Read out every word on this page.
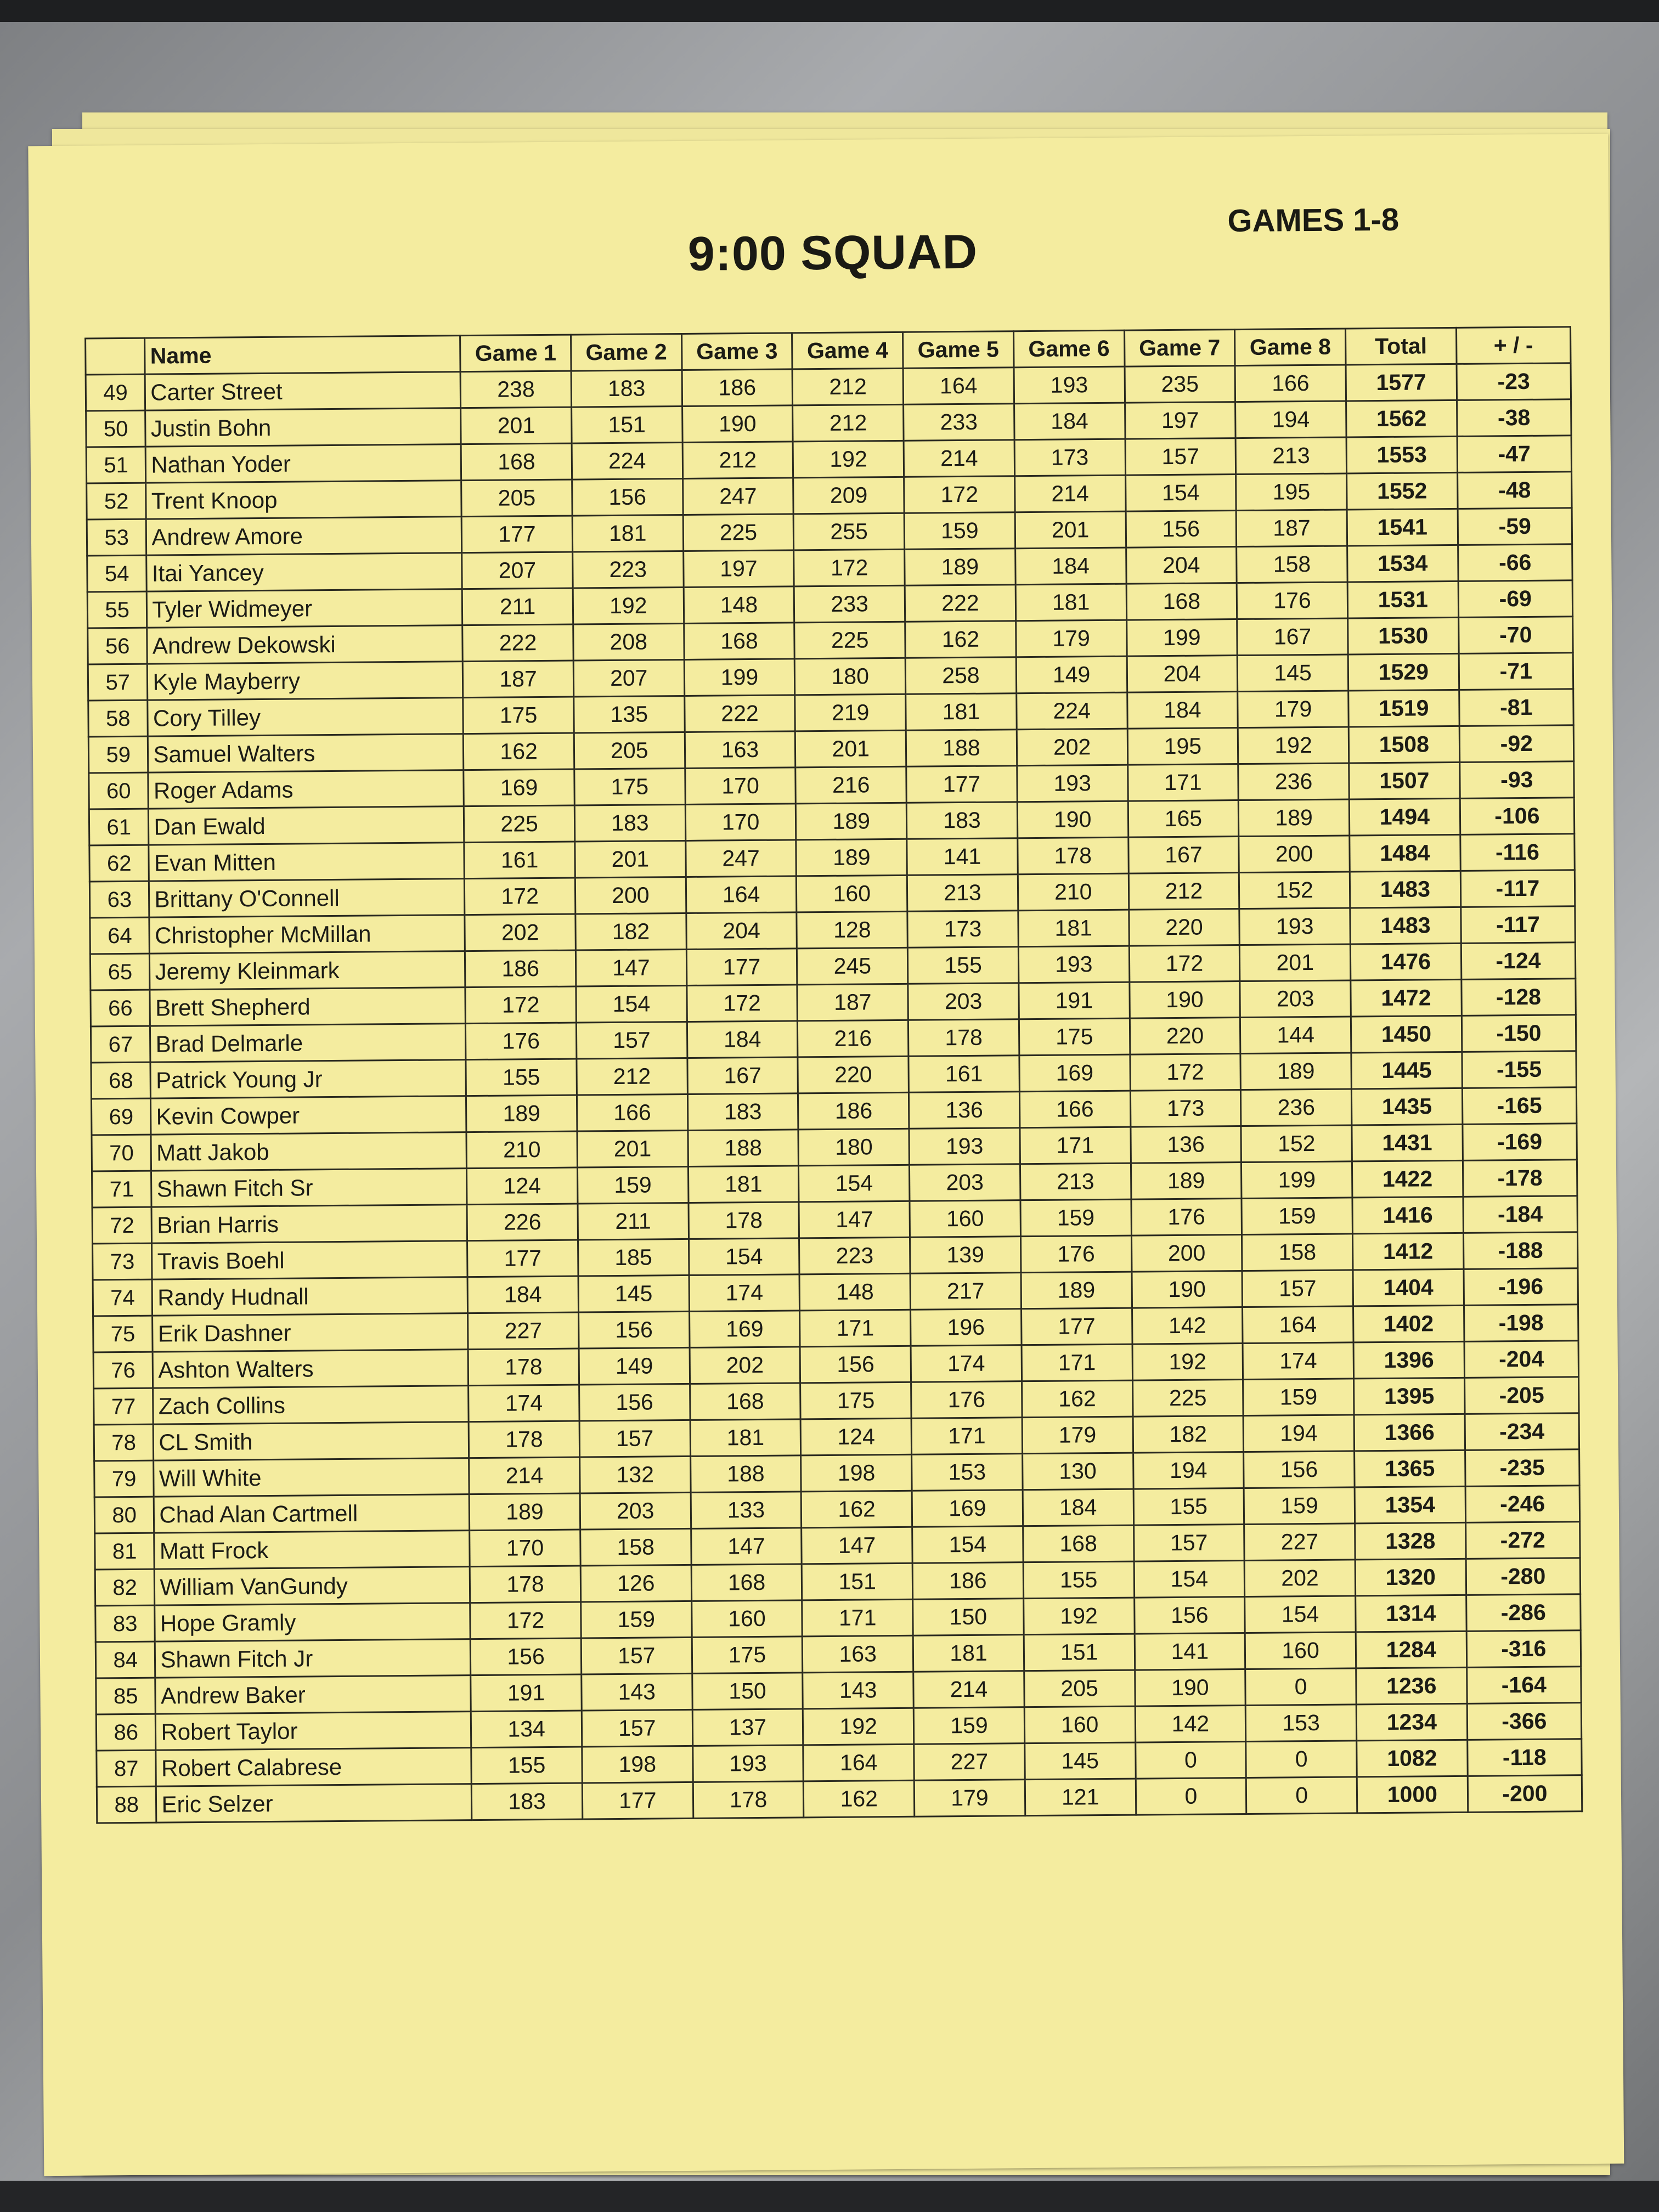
9:00 SQUAD
GAMES 1-8
	Name	Game 1	Game 2	Game 3	Game 4	Game 5	Game 6	Game 7	Game 8	Total	+ / -
49	Carter Street	238	183	186	212	164	193	235	166	1577	-23
50	Justin Bohn	201	151	190	212	233	184	197	194	1562	-38
51	Nathan Yoder	168	224	212	192	214	173	157	213	1553	-47
52	Trent Knoop	205	156	247	209	172	214	154	195	1552	-48
53	Andrew Amore	177	181	225	255	159	201	156	187	1541	-59
54	Itai Yancey	207	223	197	172	189	184	204	158	1534	-66
55	Tyler Widmeyer	211	192	148	233	222	181	168	176	1531	-69
56	Andrew Dekowski	222	208	168	225	162	179	199	167	1530	-70
57	Kyle Mayberry	187	207	199	180	258	149	204	145	1529	-71
58	Cory Tilley	175	135	222	219	181	224	184	179	1519	-81
59	Samuel Walters	162	205	163	201	188	202	195	192	1508	-92
60	Roger Adams	169	175	170	216	177	193	171	236	1507	-93
61	Dan Ewald	225	183	170	189	183	190	165	189	1494	-106
62	Evan Mitten	161	201	247	189	141	178	167	200	1484	-116
63	Brittany O'Connell	172	200	164	160	213	210	212	152	1483	-117
64	Christopher McMillan	202	182	204	128	173	181	220	193	1483	-117
65	Jeremy Kleinmark	186	147	177	245	155	193	172	201	1476	-124
66	Brett Shepherd	172	154	172	187	203	191	190	203	1472	-128
67	Brad Delmarle	176	157	184	216	178	175	220	144	1450	-150
68	Patrick Young Jr	155	212	167	220	161	169	172	189	1445	-155
69	Kevin Cowper	189	166	183	186	136	166	173	236	1435	-165
70	Matt Jakob	210	201	188	180	193	171	136	152	1431	-169
71	Shawn Fitch Sr	124	159	181	154	203	213	189	199	1422	-178
72	Brian Harris	226	211	178	147	160	159	176	159	1416	-184
73	Travis Boehl	177	185	154	223	139	176	200	158	1412	-188
74	Randy Hudnall	184	145	174	148	217	189	190	157	1404	-196
75	Erik Dashner	227	156	169	171	196	177	142	164	1402	-198
76	Ashton Walters	178	149	202	156	174	171	192	174	1396	-204
77	Zach Collins	174	156	168	175	176	162	225	159	1395	-205
78	CL Smith	178	157	181	124	171	179	182	194	1366	-234
79	Will White	214	132	188	198	153	130	194	156	1365	-235
80	Chad Alan Cartmell	189	203	133	162	169	184	155	159	1354	-246
81	Matt Frock	170	158	147	147	154	168	157	227	1328	-272
82	William VanGundy	178	126	168	151	186	155	154	202	1320	-280
83	Hope Gramly	172	159	160	171	150	192	156	154	1314	-286
84	Shawn Fitch Jr	156	157	175	163	181	151	141	160	1284	-316
85	Andrew Baker	191	143	150	143	214	205	190	0	1236	-164
86	Robert Taylor	134	157	137	192	159	160	142	153	1234	-366
87	Robert Calabrese	155	198	193	164	227	145	0	0	1082	-118
88	Eric Selzer	183	177	178	162	179	121	0	0	1000	-200
